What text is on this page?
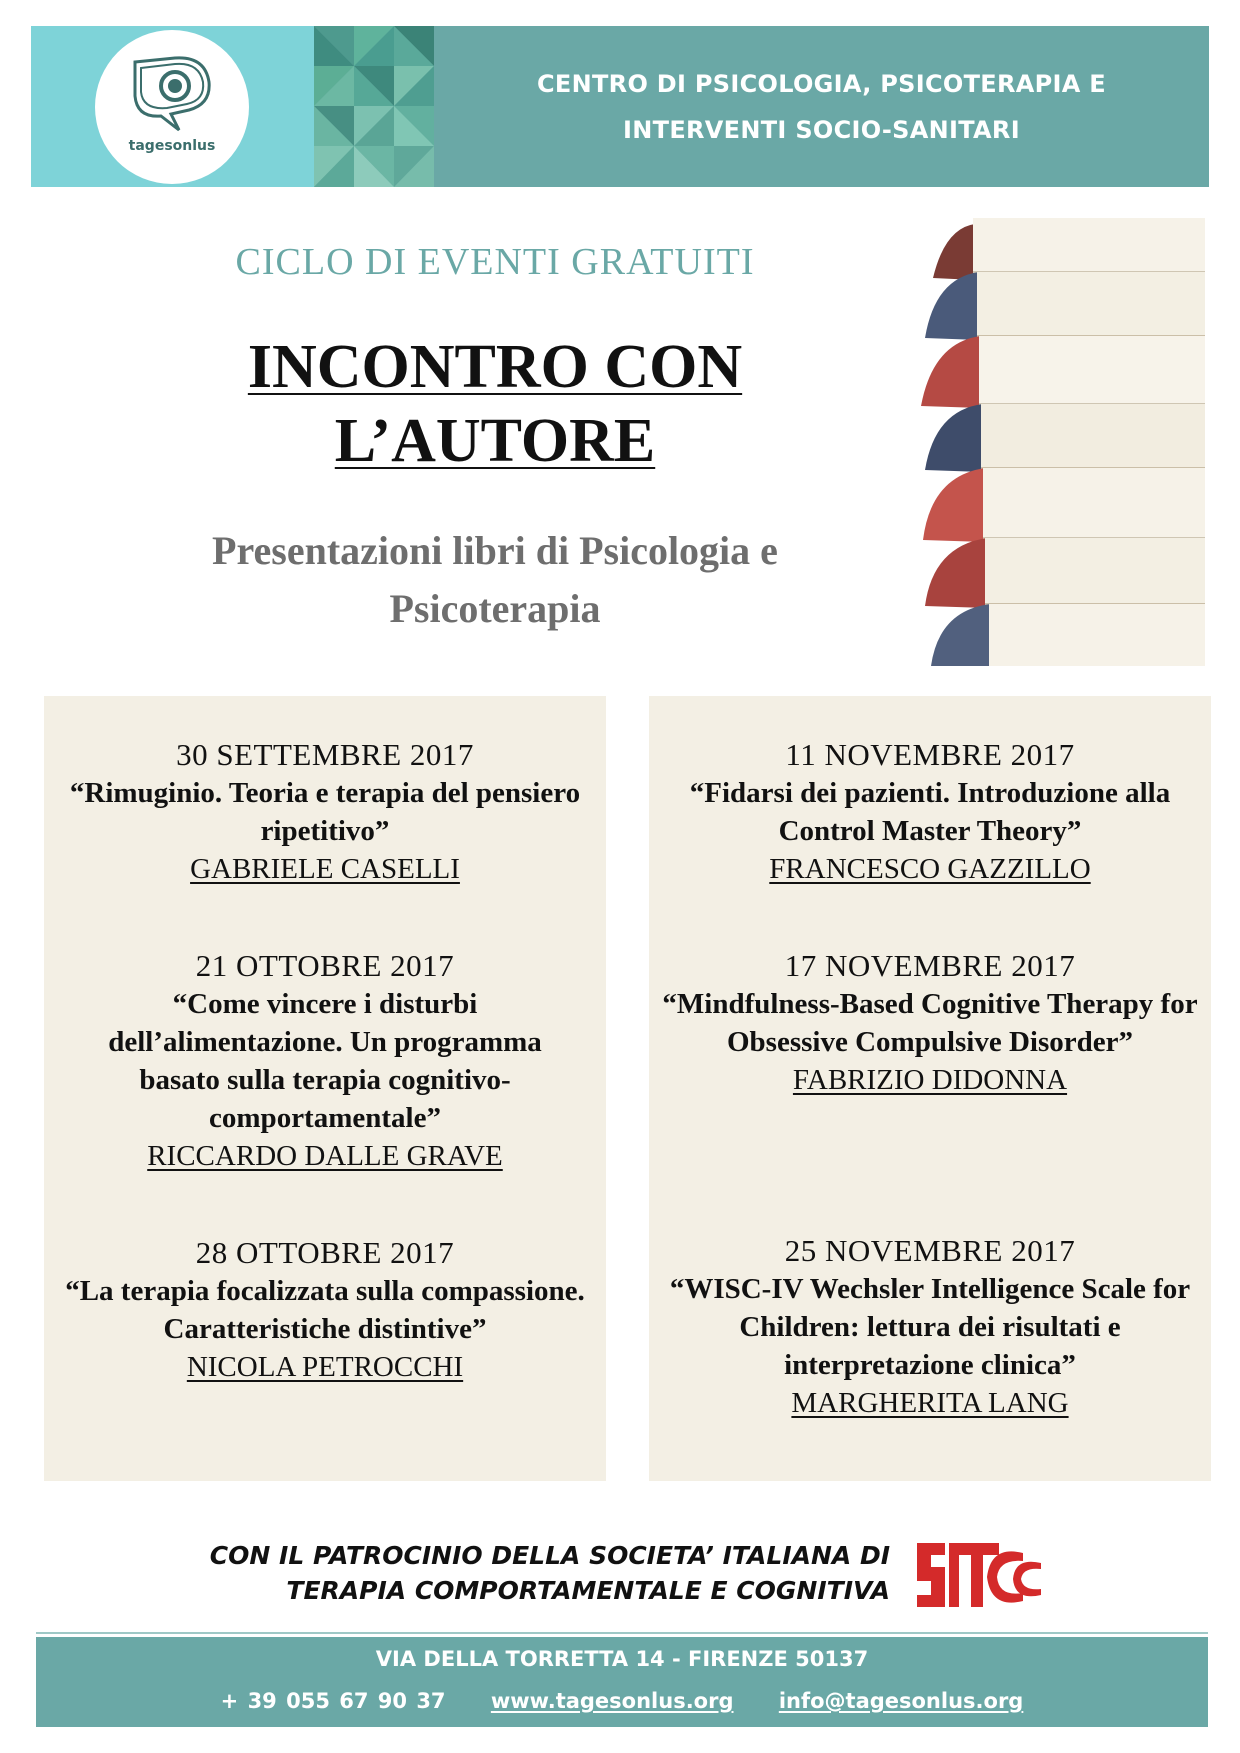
tagesonlus
CENTRO DI PSICOLOGIA, PSICOTERAPIA E
INTERVENTI SOCIO-SANITARI
CICLO DI EVENTI GRATUITI
INCONTRO CON
L’AUTORE
Presentazioni libri di Psicologia e
Psicoterapia
30 SETTEMBRE 2017
“Rimuginio. Teoria e terapia del pensiero ripetitivo”
GABRIELE CASELLI
21 OTTOBRE 2017
“Come vincere i disturbi dell’alimentazione. Un programma basato sulla terapia cognitivo-comportamentale”
RICCARDO DALLE GRAVE
28 OTTOBRE 2017
“La terapia focalizzata sulla compassione. Caratteristiche distintive”
NICOLA PETROCCHI
11 NOVEMBRE 2017
“Fidarsi dei pazienti. Introduzione alla Control Master Theory”
FRANCESCO GAZZILLO
17 NOVEMBRE 2017
“Mindfulness-Based Cognitive Therapy for Obsessive Compulsive Disorder”
FABRIZIO DIDONNA
25 NOVEMBRE 2017
“WISC-IV Wechsler Intelligence Scale for Children: lettura dei risultati e interpretazione clinica”
MARGHERITA LANG
CON IL PATROCINIO DELLA SOCIETA’ ITALIANA DI
TERAPIA COMPORTAMENTALE E COGNITIVA
VIA DELLA TORRETTA 14 - FIRENZE 50137
+ 39 055 67 90 37 www.tagesonlus.org info@tagesonlus.org
